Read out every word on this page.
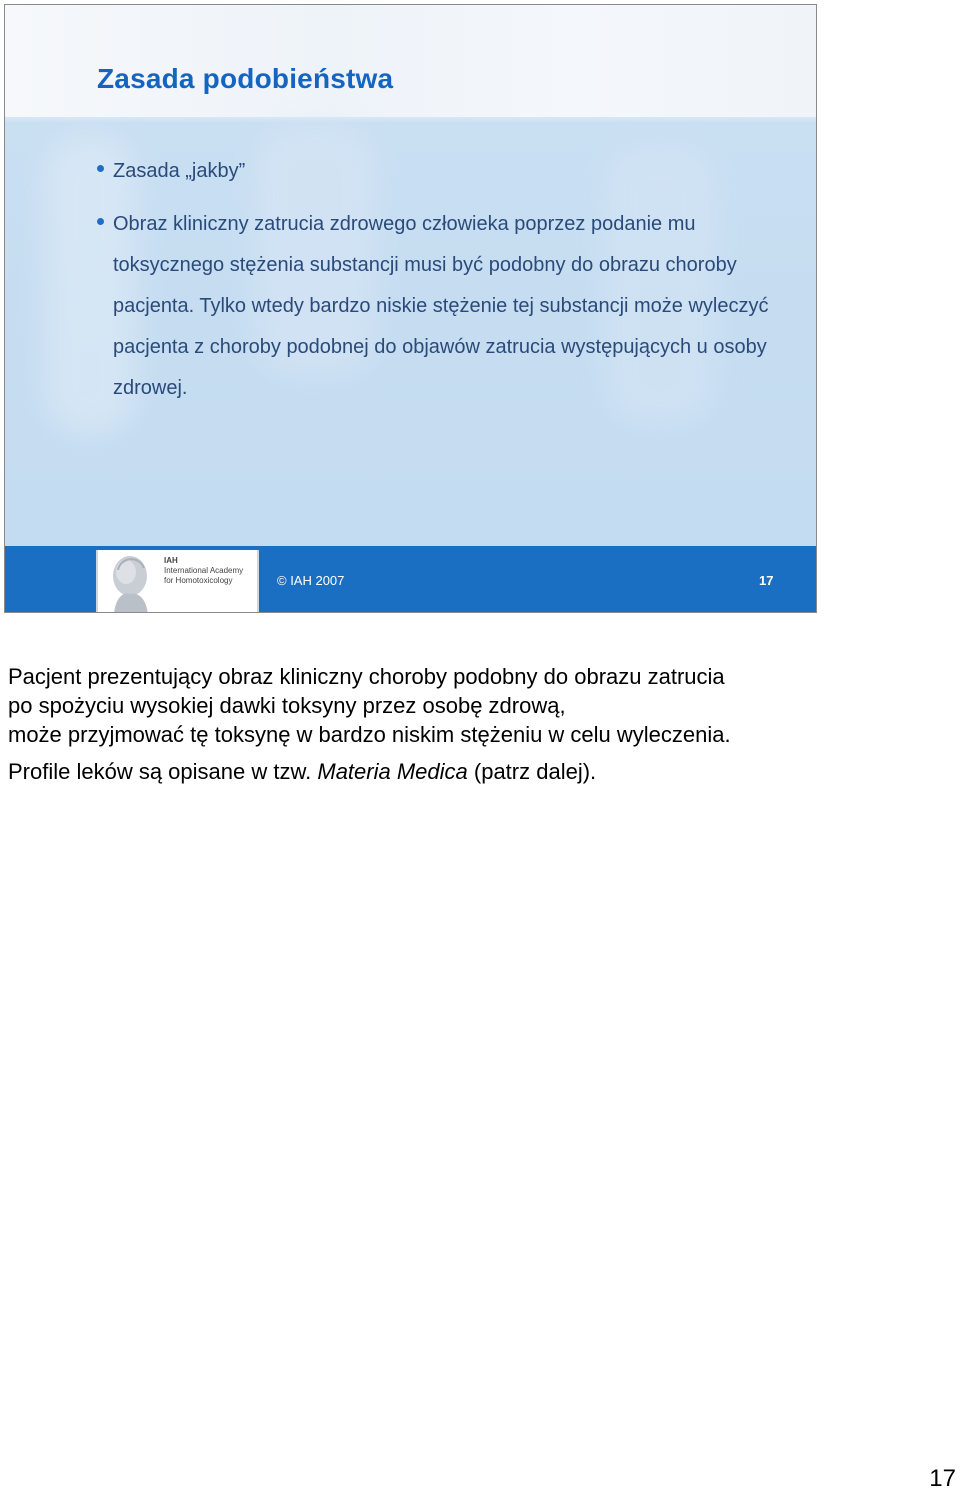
Zasada podobieństwa
Zasada „jakby”
Obraz kliniczny zatrucia zdrowego człowieka poprzez podanie mu toksycznego stężenia substancji musi być podobny do obrazu choroby pacjenta. Tylko wtedy bardzo niskie stężenie tej substancji może wyleczyć pacjenta z choroby podobnej do objawów zatrucia występujących u osoby zdrowej.
IAH
International Academy
for Homotoxicology	© IAH 2007	17

Pacjent prezentujący obraz kliniczny choroby podobny do obrazu zatrucia

po spożyciu wysokiej dawki toksyny przez osobę zdrową,

może przyjmować tę toksynę w bardzo niskim stężeniu w celu wyleczenia.

Profile leków są opisane w tzw. Materia Medica (patrz dalej).

17
